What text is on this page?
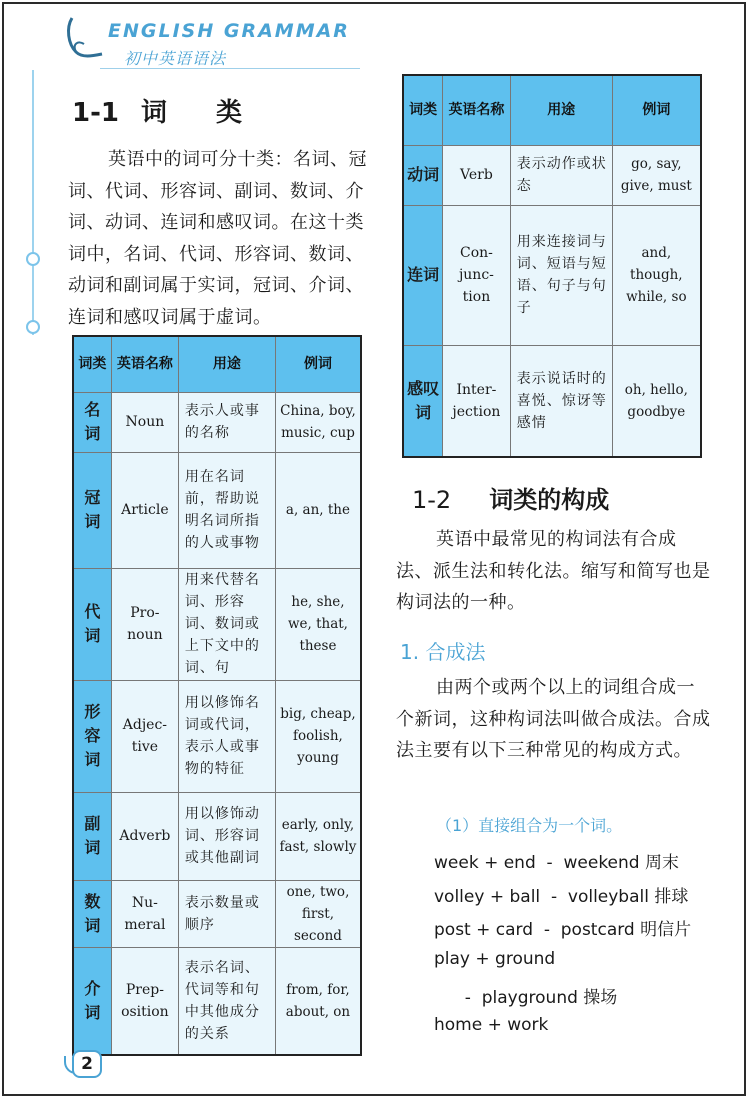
ENGLISH GRAMMAR
初中英语语法
1-1 词 类
英语中的词可分十类：名词、冠词、代词、形容词、副词、数词、介词、动词、连词和感叹词。在这十类词中，名词、代词、形容词、数词、动词和副词属于实词，冠词、介词、连词和感叹词属于虚词。
词类	英语名称	用途	例词
名词	Noun	表示人或事的名称	China, boy, music, cup
冠词	Article	用在名词前，帮助说明名词所指的人或事物	a, an, the
代词	Pro-noun	用来代替名词、形容词、数词或上下文中的词、句	he, she, we, that, these
形容词	Adjec-tive	用以修饰名词或代词，表示人或事物的特征	big, cheap, foolish, young
副词	Adverb	用以修饰动词、形容词或其他副词	early, only, fast, slowly
数词	Nu-meral	表示数量或顺序	one, two, first, second
介词	Prep-osition	表示名词、代词等和句中其他成分的关系	from, for, about, on
词类	英语名称	用途	例词
动词	Verb	表示动作或状态	go, say, give, must
连词	Con-junc-tion	用来连接词与词、短语与短语、句子与句子	and, though, while, so
感叹词	Inter-jection	表示说话时的喜悦、惊讶等感情	oh, hello, goodbye
1-2 词类的构成
英语中最常见的构词法有合成法、派生法和转化法。缩写和简写也是构词法的一种。
1. 合成法
由两个或两个以上的词组合成一个新词，这种构词法叫做合成法。合成法主要有以下三种常见的构成方式。
（1）直接组合为一个词。
week + end  -  weekend 周末
volley + ball  -  volleyball 排球
post + card  -  postcard 明信片
play + ground
-  playground 操场
home + work
2
